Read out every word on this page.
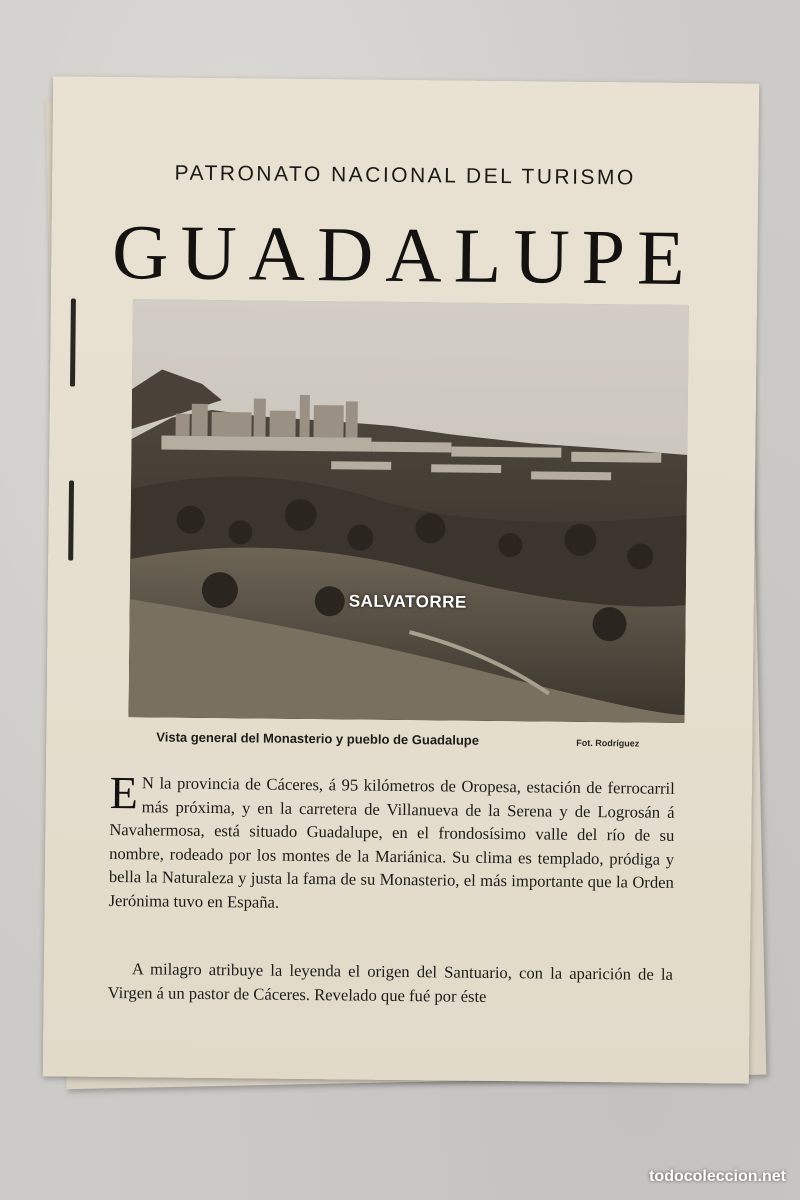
PATRONATO NACIONAL DEL TURISMO
GUADALUPE
SALVATORRE
Vista general del Monasterio y pueblo de Guadalupe	Fot. Rodríguez
E N la provincia de Cáceres, á 95 kilómetros de Oropesa, estación de ferrocarril más próxima, y en la carretera de Villanueva de la Serena y de Logrosán á Navahermosa, está situado Guadalupe, en el frondosísimo valle del río de su nombre, rodeado por los montes de la Mariánica. Su clima es templado, pródiga y bella la Naturaleza y justa la fama de su Monasterio, el más importante que la Orden Jerónima tuvo en España.
A milagro atribuye la leyenda el origen del Santuario, con la aparición de la Virgen á un pastor de Cáceres. Revelado que fué por éste
todocoleccion.net
